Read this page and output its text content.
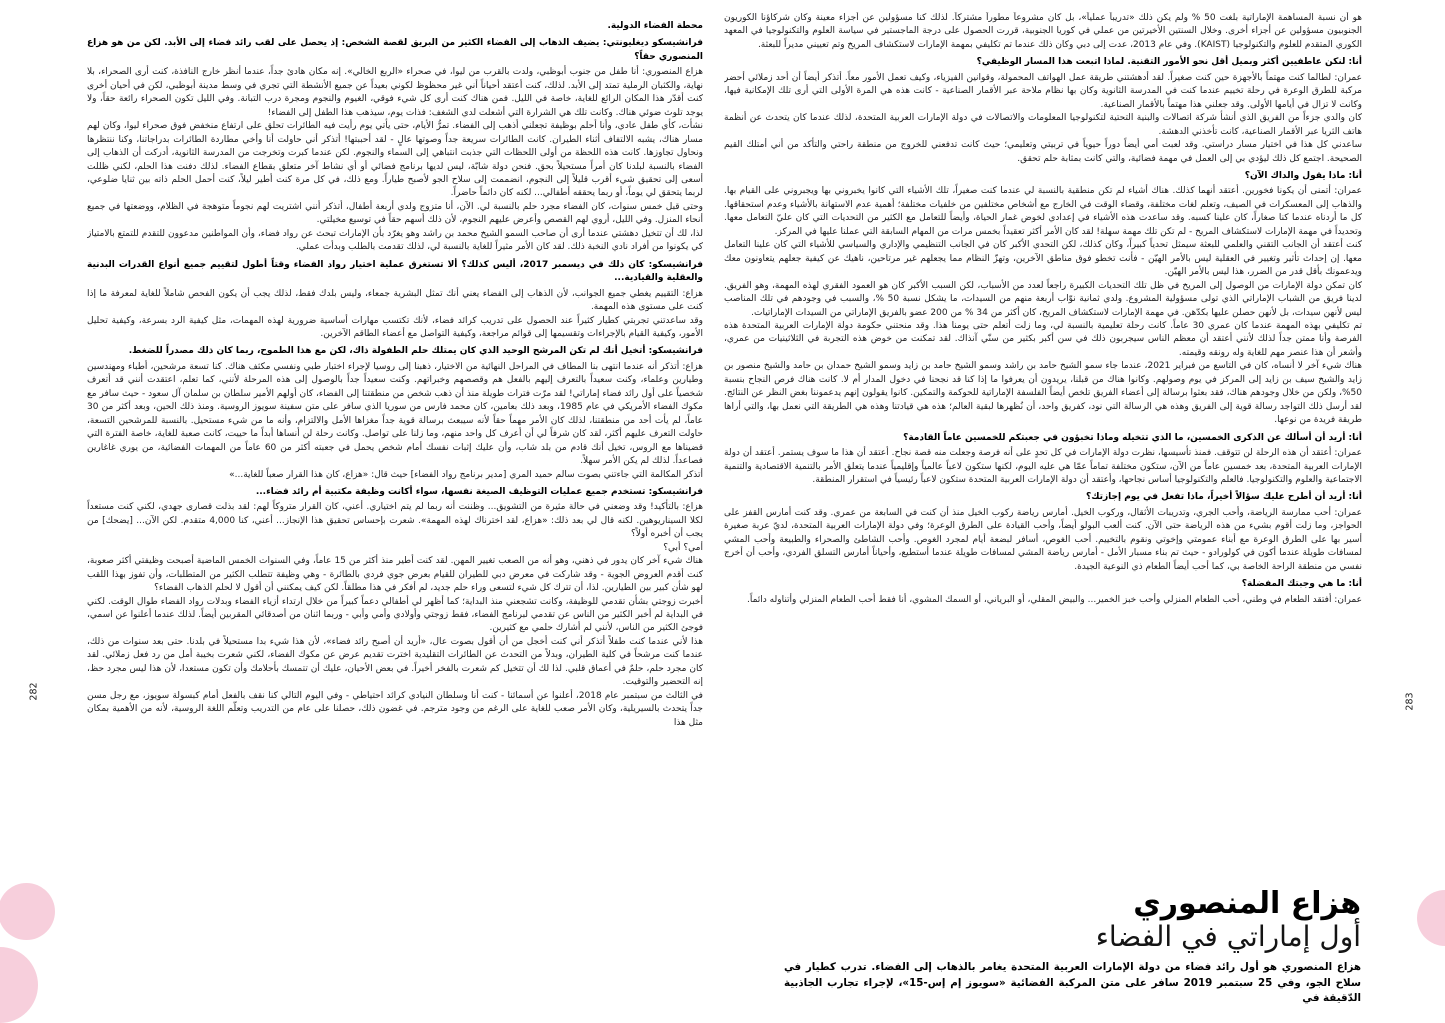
محطة الفضاء الدولية.

فرانشيسكو ديغليونتي: يضيف الذهاب إلى الفضاء الكثير من البريق لقصة الشخص: إذ يحصل على لقب رائد فضاء إلى الأبد. لكن من هو هزاع المنصوري حقاً؟

هزاع المنصوري: أنا طفل من جنوب أبوظبي، ولدت بالقرب من ليوا، في صحراء «الربع الخالي». إنه مكان هادئ جداً، عندما أنظر خارج النافذة، كنت أرى الصحراء، بلا نهاية، والكثبان الرملية تمتد إلى الأبد. لذلك، كنت أعتقد أحياناً أني غير محظوظ لكوني بعيداً عن جميع الأنشطة التي تجري في وسط مدينة أبوظبي، لكن في أحيان أخرى كنت أقدّر هذا المكان الرائع للغاية، خاصة في الليل. فمن هناك كنت أرى كل شيء فوقي، الغيوم والنجوم ومجرة درب التبانة. وفي الليل تكون الصحراء رائعة حقاً، ولا يوجد تلوث ضوئي هناك. وكانت تلك هي الشرارة التي أشعلت لدي الشغف: فذات يوم، سيذهب هذا الطفل إلى الفضاء!

نشأت، كأي طفل عادي، وأنا أحلم بوظيفة تجعلني أذهب إلى الفضاء. تمرُّ الأيام، حتى يأتي يوم رأيت فيه الطائرات تحلق على ارتفاع منخفض فوق صحراء ليوا، وكان لهم مسار هناك، يشبه الالتفاف أثناء الطيران. كانت الطائرات سريعة جداً وصوتها عالٍ - لقد أحببتها! أتذكر أني حاولت أنا وأخي مطاردة الطائرات بدراجاتنا، وكنا ننتظرها ونحاول تجاوزها. كانت هذه اللحظة من أولى اللحظات التي جذبت انتباهي إلى السماء والنجوم. لكن عندما كبرت وتخرجت من المدرسة الثانوية، أدركت أن الذهاب إلى الفضاء بالنسبة لبلدنا كان أمراً مستحيلاً بحق. فنحن دولة شابّة، ليس لديها برنامج فضائي أو أي نشاط آخر متعلق بقطاع الفضاء. لذلك دفنت هذا الحلم، لكني ظللت أسعى إلى تحقيق شيء أقرب قليلاً إلى النجوم، انضممت إلى سلاح الجو لأصبح طياراً. ومع ذلك، في كل مرة كنت أطير ليلاً، كنت أحمل الحلم ذاته بين ثنايا ضلوعي، لربما يتحقق لي يوماً، أو ربما يحققه أطفالي... لكنه كان دائماً حاضراً.

وحتى قبل خمس سنوات، كان الفضاء مجرد حلم بالنسبة لي. الآن، أنا متزوج ولدي أربعة أطفال، أتذكر أنني اشتريت لهم نجوماً متوهجة في الظلام، ووضعتها في جميع أنحاء المنزل. وفي الليل، أروي لهم القصص وأعرض عليهم النجوم، لأن ذلك أسهم حقاً في توسيع مخيلتي.

لذا، لك أن تتخيل دهشتي عندما أرى أن صاحب السمو الشيخ محمد بن راشد وهو يغرّد بأن الإمارات تبحث عن رواد فضاء، وأن المواطنين مدعوون للتقدم للتمتع بالامتياز كي يكونوا من أفراد نادي النخبة ذلك. لقد كان الأمر مثيراً للغاية بالنسبة لي، لذلك تقدمت بالطلب وبدأت عملي.

فرانشيسكو: كان ذلك في ديسمبر 2017، أليس كذلك؟ ألا تستغرق عملية اختيار رواد الفضاء وقتاً أطول لتقييم جميع أنواع القدرات البدنية والعقلية والقيادية...

هزاع: التقييم يغطي جميع الجوانب، لأن الذهاب إلى الفضاء يعني أنك تمثل البشرية جمعاء، وليس بلدك فقط، لذلك يجب أن يكون الفحص شاملاً للغاية لمعرفة ما إذا كنت على مستوى هذه المهمة.

وقد ساعدتني تجربتي كطيار كثيراً عند الحصول على تدريب كرائد فضاء، لأنك تكتسب مهارات أساسية ضرورية لهذه المهمات، مثل كيفية الرد بسرعة، وكيفية تحليل الأمور، وكيفية القيام بالإجراءات وتقسيمها إلى قوائم مراجعة، وكيفية التواصل مع أعضاء الطاقم الآخرين.

فرانشيسكو: أتخيل أنك لم تكن المرشح الوحيد الذي كان يمتلك حلم الطفولة ذاك، لكن مع هذا الطموح، ربما كان ذلك مصدراً للضغط.

هزاع: أتذكر أنه عندما انتهى بنا المطاف في المراحل النهائية من الاختيار، ذهبنا إلى روسيا لإجراء اختبار طبي ونفسي مكثف هناك. كنا تسعة مرشحين، أطباء ومهندسين وطيارين وعلماء، وكنت سعيداً بالتعرف إليهم بالفعل هم وقصصهم وخبراتهم. وكنت سعيداً جداً بالوصول إلى هذه المرحلة لأنني، كما تعلم، اعتقدت أنني قد أتعرف شخصياً على أول رائد فضاء إماراتي! لقد مرّت فترات طويلة منذ أن ذهب شخص من منطقتنا إلى الفضاء، كان أولهم الأمير سلطان بن سلمان آل سعود - حيث سافر مع مكوك الفضاء الأمريكي في عام 1985، وبعد ذلك بعامين، كان محمد فارس من سوريا الذي سافر على متن سفينة سويوز الروسية. ومنذ ذلك الحين، وبعد أكثر من 30 عاماً، لم يأت أحد من منطقتنا، لذلك كان الأمر مهماً حقاً لأنه سيبعث برسالة قوية جداً مغزاها الأمل والالتزام، وأنه ما من شيء مستحيل. بالنسبة للمرشحين التسعة، حاولت التعرف عليهم أكثر، لقد كان شرفاً لي أن أعرف كل واحد منهم، وما زلنا على تواصل. وكانت رحلة لن أنساها أبداً ما حييت، كانت صعبة للغاية، خاصة الفترة التي قضيناها مع الروس، تخيل أنك قادم من بلد شاب، وأن عليك إثبات نفسك أمام شخص يحمل في جعبته أكثر من 60 عاماً من المهمات الفضائية، من يوري غاغارين فصاعداً. لذلك لم يكن الأمر سهلاً.

أتذكر المكالمة التي جاءتني بصوت سالم حميد المري [مدير برنامج رواد الفضاء] حيث قال: «هزاع، كان هذا القرار صعباً للغاية...»

فرانشيسكو: تستخدم جميع عمليات التوظيف الصيغة نفسها، سواء أكانت وظيفة مكتبية أم رائد فضاء...

هزاع: بالتأكيد! وقد وضعني في حالة مثيرة من التشويق... وظننت أنه ربما لم يتم اختياري. أعني، كان القرار متروكاً لهم: لقد بذلت قصارى جهدي، لكني كنت مستعداً لكلا السيناريوهين. لكنه قال لي بعد ذلك: «هزاع، لقد اخترناك لهذه المهمة». شعرت بإحساس تحقيق هذا الإنجاز... أعني، كنا 4,000 متقدم. لكن الآن... [يضحك] من يجب أن أخبره أولاً؟

أمي؟ أبي؟

هناك شيء آخر كان يدور في ذهني، وهو أنه من الصعب تغيير المهن. لقد كنت أطير منذ أكثر من 15 عاماً، وفي السنوات الخمس الماضية أصبحت وظيفتي أكثر صعوبة، كنت أقدم العروض الجوية - وقد شاركت في معرض دبي للطيران للقيام بعرض جوي فردي بالطائرة - وهي وظيفة تتطلب الكثير من المتطلبات، وأن تفوز بهذا اللقب لهو شأن كبير بين الطيارين. لذا، أن تترك كل شيء لتسعى وراء حلم جديد، لم أفكر في هذا مطلقاً. لكن كيف يمكنني أن أقول لا لحلم الذهاب الفضاء؟

أخبرت زوجتي بشأن تقدمي للوظيفة، وكانت تشجعني منذ البداية؛ كما أظهر لي أطفالي دعماً كبيراً من خلال ارتداء أزياء الفضاء وبدلات رواد الفضاء طوال الوقت. لكني في البداية لم أخبر الكثير من الناس عن تقدمي لبرنامج الفضاء، فقط زوجتي وأولادي وأمي وأبي - وربما اثنان من أصدقائي المقربين أيضاً. لذلك عندما أعلنوا عن اسمي، فوجئ الكثير من الناس، لأنني لم أشارك حلمي مع كثيرين.

هذا لأني عندما كنت طفلاً أتذكر أني كنت أخجل من أن أقول بصوت عال، «أريد أن أصبح رائد فضاء»، لأن هذا شيء بدا مستحيلاً في بلدنا. حتى بعد سنوات من ذلك، عندما كنت مرشحاً في كلية الطيران، وبدلاً من التحدث عن الطائرات التقليدية اخترت تقديم عرض عن مكوك الفضاء، لكني شعرت بخيبة أمل من رد فعل زملائي. لقد كان مجرد حلم، حلمٌ في أعماق قلبي. لذا لك أن تتخيل كم شعرت بالفخر أخيراً. في بعض الأحيان، عليك أن تتمسك بأحلامك وأن تكون مستعدا، لأن هذا ليس مجرد حظ، إنه التحضير والتوقيت.

في الثالث من سبتمبر عام 2018، أعلنوا عن أسمائنا - كنت أنا وسلطان النيادي كرائد احتياطي - وفي اليوم التالي كنا نقف بالفعل أمام كبسولة سويوز، مع رجل مسن جداً يتحدث بالسيريلية، وكان الأمر صعب للغاية على الرغم من وجود مترجم. في غضون ذلك، حصلنا على عام من التدريب وتعلّم اللغة الروسية، لأنه من الأهمية بمكان مثل هذا

هو أن نسبة المساهمة الإماراتية بلغت 50 % ولم يكن ذلك «تدريباً عملياً»، بل كان مشروعاً مطوراً مشتركاً. لذلك كنا مسؤولين عن أجزاء معينة وكان شركاؤنا الكوريون الجنوبيون مسؤولين عن أجزاء أخرى. وخلال السنتين الأخيرتين من عملي في كوريا الجنوبية، قررت الحصول على درجة الماجستير في سياسة العلوم والتكنولوجيا في المعهد الكوري المتقدم للعلوم والتكنولوجيا (KAIST). وفي عام 2013، عدت إلى دبي وكان ذلك عندما تم تكليفي بمهمة الإمارات لاستكشاف المريخ وتم تعييني مديراً للبعثة.

أنا: لنكن عاطفيين أكثر وبميل أقل نحو الأمور التقنية. لماذا اتبعت هذا المسار الوظيفي؟

عمران: لطالما كنت مهتماً بالأجهزة حين كنت صغيراً. لقد أدهشتني طريقة عمل الهواتف المحمولة، وقوانين الفيزياء، وكيف تعمل الأمور معاً. أتذكر أيضاً أن أحد زملائي أحضر مركبة للطرق الوعرة في رحلة تخييم عندما كنت في المدرسة الثانوية وكان بها نظام ملاحة عبر الأقمار الصناعية - كانت هذه هي المرة الأولى التي أرى تلك الإمكانية فيها، وكانت لا تزال في أيامها الأولى. وقد جعلني هذا مهتماً بالأقمار الصناعية.

كان والدي جزءاً من الفريق الذي أنشأ شركة اتصالات والبنية التحتية لتكنولوجيا المعلومات والاتصالات في دولة الإمارات العربية المتحدة، لذلك عندما كان يتحدث عن أنظمة هاتف الثريا عبر الأقمار الصناعية، كانت تأخذني الدهشة.

ساعدني كل هذا في اختيار مسار دراستي. وقد لعبت أمي أيضاً دوراً حيوياً في تربيتي وتعليمي؛ حيث كانت تدفعني للخروج من منطقة راحتي والتأكد من أني أمتلك القيم الصحيحة. اجتمع كل ذلك ليؤدي بي إلى العمل في مهمة فضائية، والتي كانت بمثابة حلم تحقق.

أنا: ماذا يقول والداك الآن؟

عمران: أتمنى أن يكونا فخورين. أعتقد أنهما كذلك. هناك أشياء لم تكن منطقية بالنسبة لي عندما كنت صغيراً، تلك الأشياء التي كانوا يخبروني بها ويجبروني على القيام بها. والذهاب إلى المعسكرات في الصيف، وتعلم لغات مختلفة، وقضاء الوقت في الخارج مع أشخاص مختلفين من خلفيات مختلفة؛ أهمية عدم الاستهانة بالأشياء وعدم استحقاقها. كل ما أردناه عندما كنا صغاراً، كان علينا كسبه. وقد ساعدت هذه الأشياء في إعدادي لخوض غمار الحياة، وأيضاً للتعامل مع الكثير من التحديات التي كان عليّ التعامل معها. وتحديداً في مهمة الإمارات لاستكشاف المريخ - لم تكن تلك مهمة سهلة! لقد كان الأمر أكثر تعقيداً بخمس مرات من المهام السابقة التي عملنا عليها في المركز.

كنت أعتقد أن الجانب التقني والعلمي للبعثة سيمثل تحدياً كبيراً، وكان كذلك، لكن التحدي الأكبر كان في الجانب التنظيمي والإداري والسياسي للأشياء التي كان علينا التعامل معها. إن إحداث تأثير وتغيير في العقلية ليس بالأمر الهيّن - فأنت تخطو فوق مناطق الآخرين، وتهزّ النظام مما يجعلهم غير مرتاحين، ناهيك عن كيفية جعلهم يتعاونون معك ويدعمونك بأقل قدر من الضرر، هذا ليس بالأمر الهيّن.

كان تمكن دولة الإمارات من الوصول إلى المريخ في ظل تلك التحديات الكبيرة راجعاً لعدد من الأسباب، لكن السبب الأكبر كان هو العمود الفقري لهذه المهمة، وهو الفريق. لدينا فريق من الشباب الإماراتي الذي تولى مسؤولية المشروع. ولدي ثمانية نوّاب أربعة منهم من السيدات، ما يشكل نسبة 50 %، والسبب في وجودهم في تلك المناصب ليس لأنهن سيدات، بل لأنهن حصلن عليها بكدّهن. في مهمة الإمارات لاستكشاف المريخ، كان أكثر من 34 % من 200 عضو بالفريق الإماراتي من السيدات الإماراتيات.

تم تكليفي بهذه المهمة عندما كان عمري 30 عاماً. كانت رحلة تعليمية بالنسبة لي، وما زلت أتعلم حتى يومنا هذا. وقد منحتني حكومة دولة الإمارات العربية المتحدة هذه الفرصة وأنا ممتن جداً لذلك لأنني أعتقد أن معظم الناس سيجربون ذلك في سن أكبر بكثير من سنّي آنذاك. لقد تمكنت من خوض هذه التجربة في الثلاثينيات من عمري، وأشعر أن هذا عنصر مهم للغاية وله رونقه وقيمته.

هناك شيء آخر لا أنساه، كان في التاسع من فبراير 2021، عندما جاء سمو الشيخ حامد بن راشد وسمو الشيخ حامد بن زايد وسمو الشيخ حمدان بن حامد والشيخ منصور بن زايد والشيخ سيف بن زايد إلى المركز في يوم وصولهم. وكانوا هناك من قبلنا، يريدون أن يعرفوا ما إذا كنا قد نجحنا في دخول المدار أم لا. كانت هناك فرص النجاح بنسبة 50%، ولكن من خلال وجودهم هناك، فقد بعثوا برسالة إلى أعضاء الفريق تلخص أيضاً الفلسفة الإماراتية للحوكمة والتمكين. كانوا يقولون إنهم يدعموننا بغض النظر عن النتائج. لقد أرسل ذلك التواجد رسالة قوية إلى الفريق وهذه هي الرسالة التي نود، كفريق واحد، أن نُظهرها لبقية العالم؛ هذه هي قيادتنا وهذه هي الطريقة التي نعمل بها، والتي أراها طريقة فريدة من نوعها.

أنا: أريد أن أسألك عن الذكرى الخمسين، ما الذي تتخيله وماذا تخبؤون في جعبتكم للخمسين عاماً القادمة؟

عمران: أعتقد أن هذه الرحلة لن تتوقف. فمنذ تأسيسها، نظرت دولة الإمارات في كل تحدٍ على أنه فرصة وجعلت منه قصة نجاح. أعتقد أن هذا ما سوف يستمر. أعتقد أن دولة الإمارات العربية المتحدة، بعد خمسين عاماً من الآن، ستكون مختلفة تماماً عمّا هي عليه اليوم، لكنها ستكون لاعباً عالمياً وإقليمياً عندما يتعلق الأمر بالتنمية الاقتصادية والتنمية الاجتماعية والعلوم والتكنولوجيا. فالعلم والتكنولوجيا أساس نجاحها، وأعتقد أن دولة الإمارات العربية المتحدة ستكون لاعباً رئيسياً في استقرار المنطقة.

أنا: أريد أن أطرح عليك سؤالاً أخيراً، ماذا تفعل في يوم إجازتك؟

عمران: أحب ممارسة الرياضة، وأحب الجري، وتدريبات الأثقال، وركوب الخيل. أمارس رياضة ركوب الخيل منذ أن كنت في السابعة من عمري. وقد كنت أمارس القفز على الحواجز، وما زلت أقوم بشيء من هذه الرياضة حتى الآن. كنت ألعب البولو أيضاً، وأحب القيادة على الطرق الوعرة؛ وفي دولة الإمارات العربية المتحدة، لديّ عربة صغيرة أسير بها على الطرق الوعرة مع أبناء عمومتي وإخوتي ونقوم بالتخييم. أحب الغوص، أسافر لبضعة أيام لمجرد الغوص. وأحب الشاطئ والصحراء والطبيعة وأحب المشي لمسافات طويلة عندما أكون في كولورادو - حيث تم بناء مسبار الأمل - أمارس رياضة المشي لمسافات طويلة عندما أستطيع، وأحياناً أمارس التسلق الفردي، وأحب أن أخرج نفسي من منطقة الراحة الخاصة بي، كما أحب أيضاً الطعام ذي النوعية الجيدة.

أنا: ما هي وجبتك المفضلة؟

عمران: أفتقد الطعام في وطني، أحب الطعام المنزلي وأحب خبز الخمير... والبيض المقلي، أو البرياني، أو السمك المشوي، أنا فقط أحب الطعام المنزلي وأتناوله دائماً.

هزاع المنصوري
أول إماراتي في الفضاء

هزاع المنصوري هو أول رائد فضاء من دولة الإمارات العربية المتحدة يغامر بالذهاب إلى الفضاء. تدرب كطيار في سلاح الجو، وفي 25 سبتمبر 2019 سافر على متن المركبة الفضائية «سويوز إم إس-15»، لإجراء تجارب الجاذبية الدّقيقة في

282
283
